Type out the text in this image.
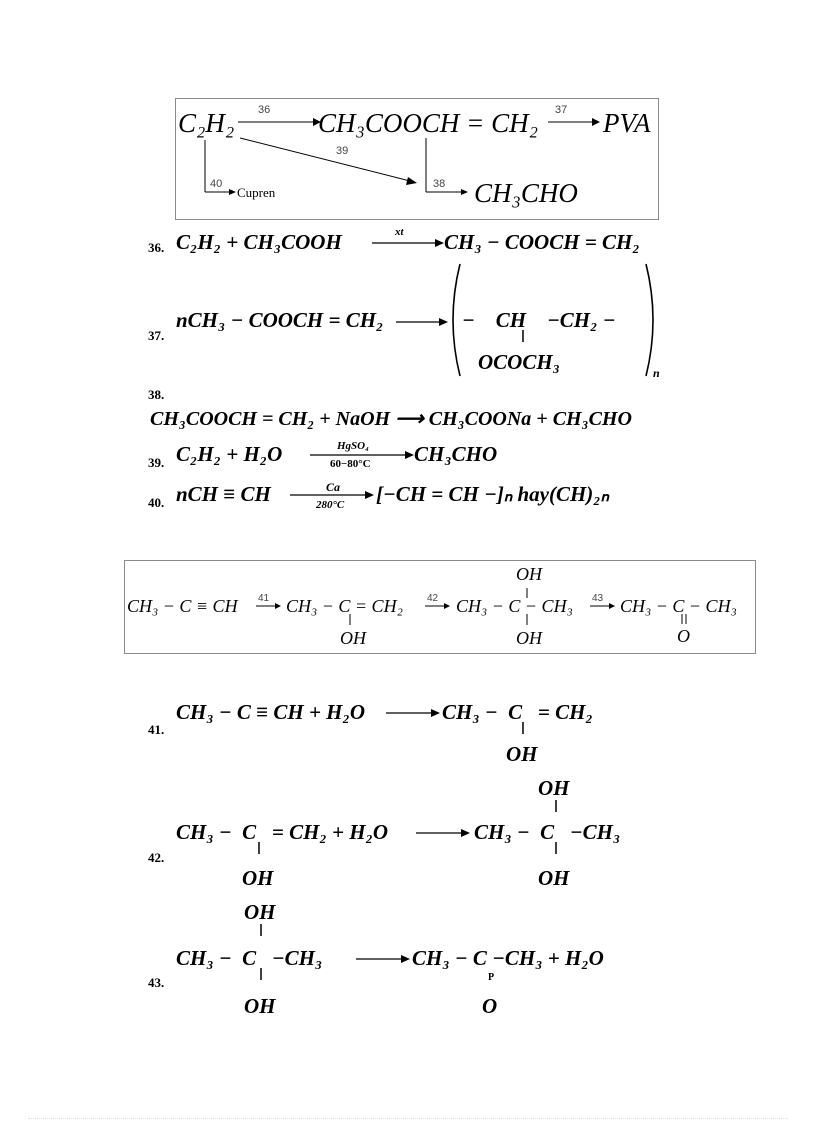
C₂H₂ 36 CH₃COOCH = CH₂ 37 PVA
39
40
Cupren
38 CH₃CHO
36. C₂H₂ + CH₃COOH	xt CH₃ − COOCH = CH₂
37.
nCH₃ − COOCH = CH₂	−    CH    −CH₂ −
OCOCH₃	n
38.
CH₃COOCH = CH₂ + NaOH ⟶ CH₃COONa + CH₃CHO
39. C₂H₂ + H₂O	HgSO₄
60−80°C CH₃CHO
40. nCH ≡ CH	Ca
280°C [−CH = CH −]ₙ hay(CH)₂ₙ
CH₃ − C ≡ CH 41 CH₃ − C = CH₂
OH
42 CH₃ − C − CH₃
OH
OH
43 CH₃ − C − CH₃
O
41.
CH₃ − C ≡ CH + H₂O	CH₃ −  C   = CH₂
OH
OH
42.
CH₃ −  C   = CH₂ + H₂O
OH
CH₃ −  C   −CH₃
OH
OH
43.
CH₃ −  C   −CH₃
OH
CH₃ − C −CH₃ + H₂O
P
O
